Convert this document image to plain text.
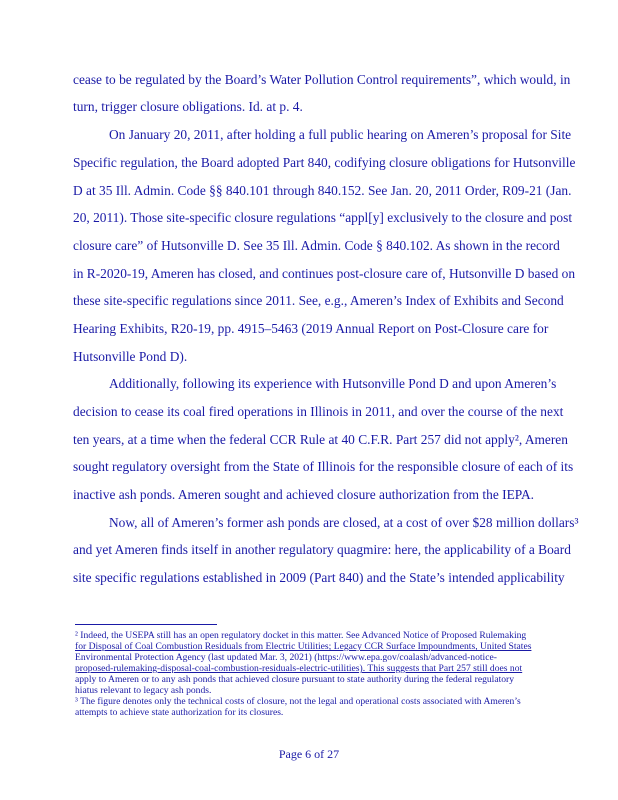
cease to be regulated by the Board’s Water Pollution Control requirements”, which would, in
turn, trigger closure obligations. Id. at p. 4.
On January 20, 2011, after holding a full public hearing on Ameren’s proposal for Site
Specific regulation, the Board adopted Part 840, codifying closure obligations for Hutsonville
D at 35 Ill. Admin. Code §§ 840.101 through 840.152. See Jan. 20, 2011 Order, R09-21 (Jan.
20, 2011). Those site-specific closure regulations “appl[y] exclusively to the closure and post
closure care” of Hutsonville D. See 35 Ill. Admin. Code § 840.102. As shown in the record
in R-2020-19, Ameren has closed, and continues post-closure care of, Hutsonville D based on
these site-specific regulations since 2011. See, e.g., Ameren’s Index of Exhibits and Second
Hearing Exhibits, R20-19, pp. 4915–5463 (2019 Annual Report on Post-Closure care for
Hutsonville Pond D).
Additionally, following its experience with Hutsonville Pond D and upon Ameren’s
decision to cease its coal fired operations in Illinois in 2011, and over the course of the next
ten years, at a time when the federal CCR Rule at 40 C.F.R. Part 257 did not apply², Ameren
sought regulatory oversight from the State of Illinois for the responsible closure of each of its
inactive ash ponds. Ameren sought and achieved closure authorization from the IEPA.
Now, all of Ameren’s former ash ponds are closed, at a cost of over $28 million dollars³
and yet Ameren finds itself in another regulatory quagmire: here, the applicability of a Board
site specific regulations established in 2009 (Part 840) and the State’s intended applicability
² Indeed, the USEPA still has an open regulatory docket in this matter. See Advanced Notice of Proposed Rulemaking
for Disposal of Coal Combustion Residuals from Electric Utilities; Legacy CCR Surface Impoundments, United States
Environmental Protection Agency (last updated Mar. 3, 2021) (https://www.epa.gov/coalash/advanced-notice-
proposed-rulemaking-disposal-coal-combustion-residuals-electric-utilities). This suggests that Part 257 still does not
apply to Ameren or to any ash ponds that achieved closure pursuant to state authority during the federal regulatory
hiatus relevant to legacy ash ponds.
³ The figure denotes only the technical costs of closure, not the legal and operational costs associated with Ameren’s
attempts to achieve state authorization for its closures.
Page 6 of 27
